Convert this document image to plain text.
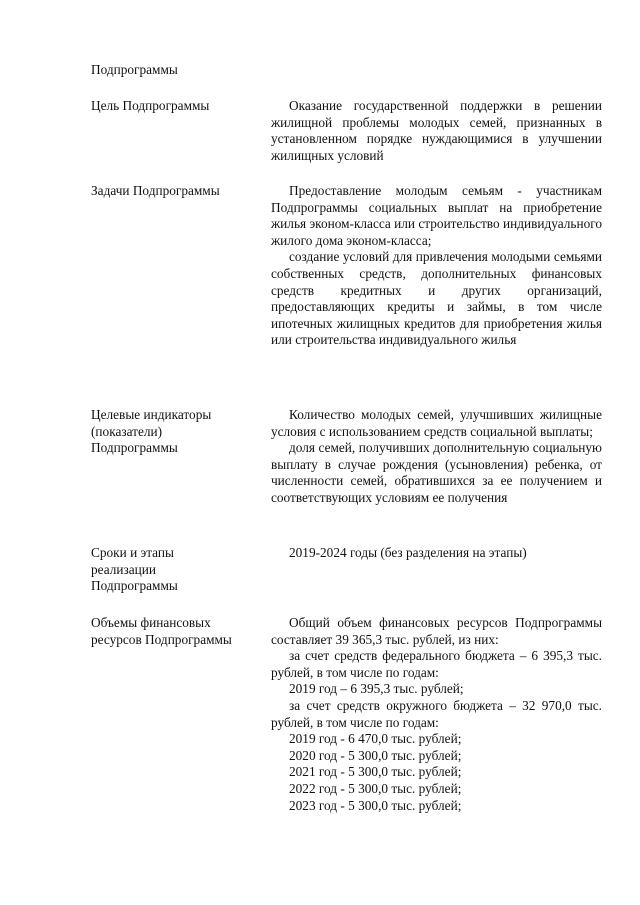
Подпрограммы
Цель Подпрограммы	Оказание государственной поддержки в решении жилищной проблемы молодых семей, признанных в установленном порядке нуждающимися в улучшении жилищных условий

Задачи Подпрограммы	Предоставление молодым семьям - участникам Подпрограммы социальных выплат на приобретение жилья эконом-класса или строительство индивидуального жилого дома эконом-класса;

создание условий для привлечения молодыми семьями собственных средств, дополнительных финансовых средств кредитных и других организаций, предоставляющих кредиты и займы, в том числе ипотечных жилищных кредитов для приобретения жилья или строительства индивидуального жилья

Целевые индикаторы
(показатели)
Подпрограммы

Количество молодых семей, улучшивших жилищные условия с использованием средств социальной выплаты;

доля семей, получивших дополнительную социальную выплату в случае рождения (усыновления) ребенка, от численности семей, обратившихся за ее получением и соответствующих условиям ее получения

Сроки и этапы
реализации
Подпрограммы

2019-2024 годы (без разделения на этапы)

Объемы финансовых
ресурсов Подпрограммы

Общий объем финансовых ресурсов Подпрограммы составляет 39 365,3 тыс. рублей, из них:

за счет средств федерального бюджета – 6 395,3 тыс. рублей, в том числе по годам:

2019 год – 6 395,3 тыс. рублей;

за счет средств окружного бюджета – 32 970,0 тыс. рублей, в том числе по годам:

2019 год - 6 470,0 тыс. рублей;

2020 год - 5 300,0 тыс. рублей;

2021 год - 5 300,0 тыс. рублей;

2022 год - 5 300,0 тыс. рублей;

2023 год - 5 300,0 тыс. рублей;
